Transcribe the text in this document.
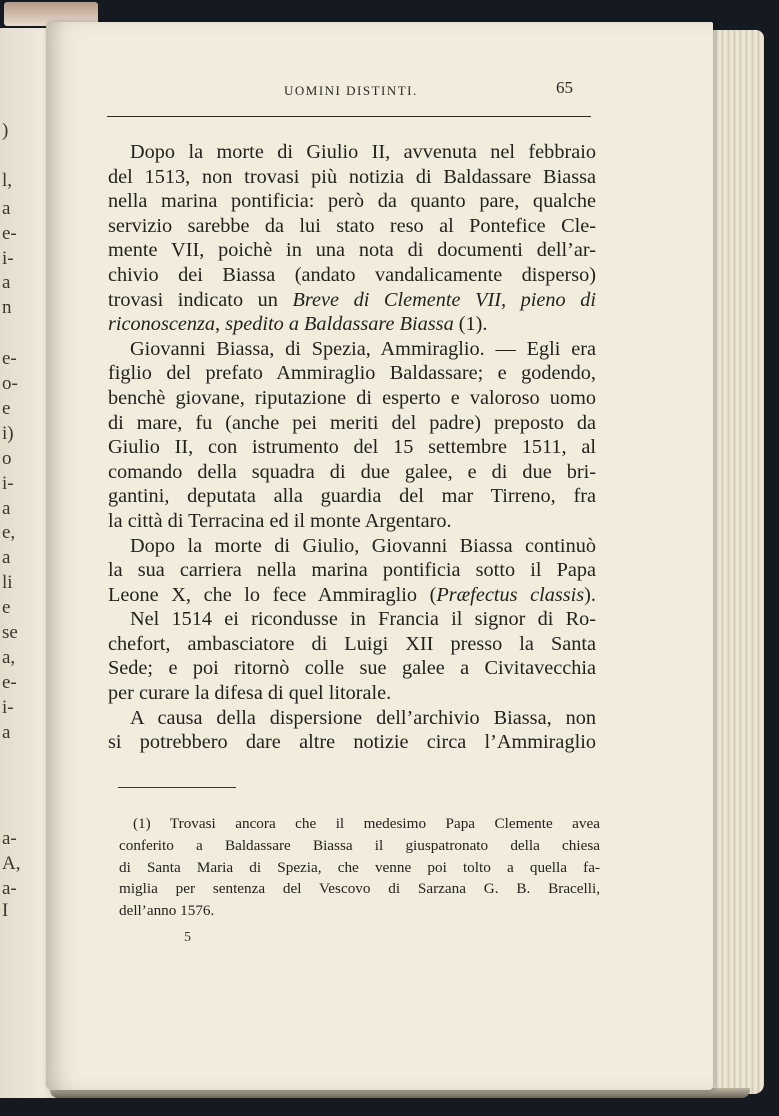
)
l,
a
e-
i-
a
n
e-
o-
e
i)
o
i-
a
e,
a
li
e
se
a,
e-
i-
a
a-
A,
a-
I
UOMINI DISTINTI.	65

Dopo la morte di Giulio II, avvenuta nel febbraio
del 1513, non trovasi più notizia di Baldassare Biassa
nella marina pontificia: però da quanto pare, qualche
servizio sarebbe da lui stato reso al Pontefice Cle-
mente VII, poichè in una nota di documenti dell’ar-
chivio dei Biassa (andato vandalicamente disperso)
trovasi indicato un Breve di Clemente VII, pieno di
riconoscenza, spedito a Baldassare Biassa (1).

Giovanni Biassa, di Spezia, Ammiraglio. — Egli era
figlio del prefato Ammiraglio Baldassare; e godendo,
benchè giovane, riputazione di esperto e valoroso uomo
di mare, fu (anche pei meriti del padre) preposto da
Giulio II, con istrumento del 15 settembre 1511, al
comando della squadra di due galee, e di due bri-
gantini, deputata alla guardia del mar Tirreno, fra
la città di Terracina ed il monte Argentaro.

Dopo la morte di Giulio, Giovanni Biassa continuò
la sua carriera nella marina pontificia sotto il Papa
Leone X, che lo fece Ammiraglio (Præfectus classis).

Nel 1514 ei ricondusse in Francia il signor di Ro-
chefort, ambasciatore di Luigi XII presso la Santa
Sede; e poi ritornò colle sue galee a Civitavecchia
per curare la difesa di quel litorale.

A causa della dispersione dell’archivio Biassa, non
si potrebbero dare altre notizie circa l’Ammiraglio

(1) Trovasi ancora che il medesimo Papa Clemente avea
conferito a Baldassare Biassa il giuspatronato della chiesa
di Santa Maria di Spezia, che venne poi tolto a quella fa-
miglia per sentenza del Vescovo di Sarzana G. B. Bracelli,
dell’anno 1576.
5
